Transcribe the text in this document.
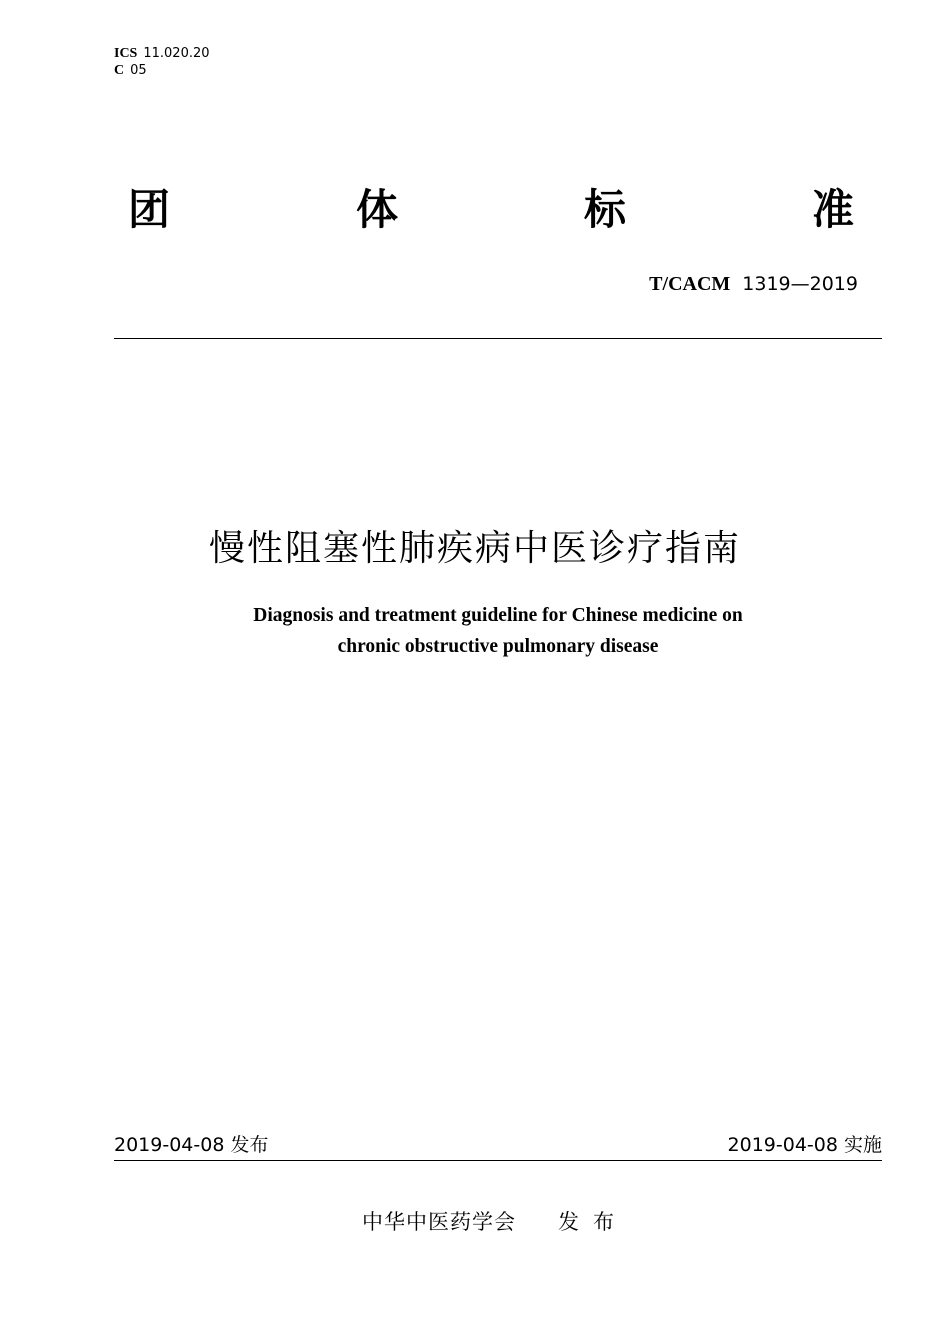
ICS 11.020.20
C 05
团	体	标	准
T/CACM 1319—2019
慢性阻塞性肺疾病中医诊疗指南
Diagnosis and treatment guideline for Chinese medicine on
chronic obstructive pulmonary disease
2019-04-08 发布	2019-04-08 实施
中华中医药学会 发布
